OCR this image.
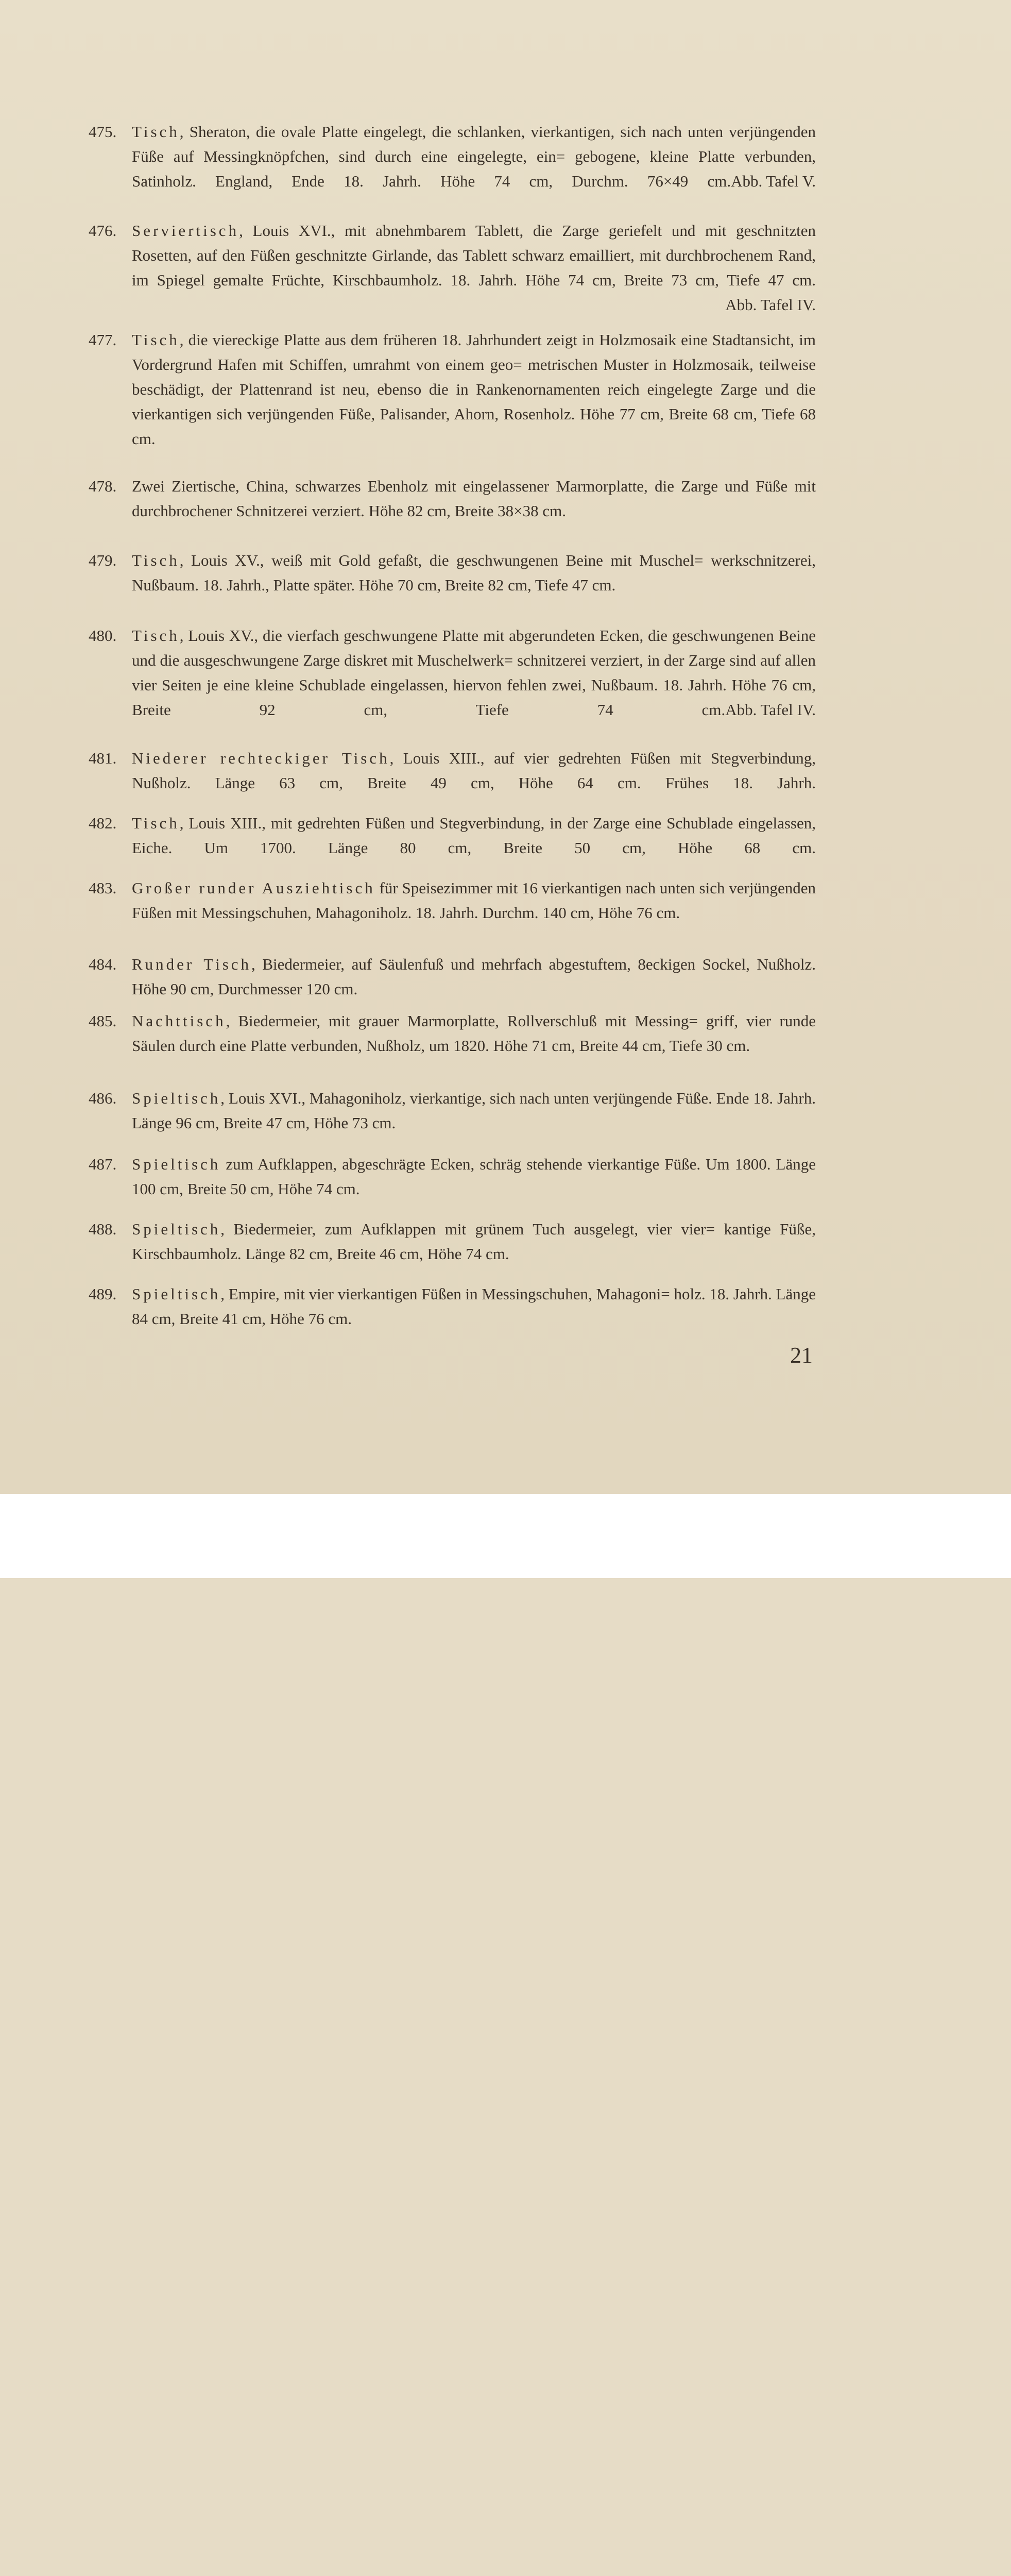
475. Tisch, Sheraton, die ovale Platte eingelegt, die schlanken, vierkantigen, sich nach unten verjüngenden Füße auf Messingknöpfchen, sind durch eine eingelegte, ein= gebogene, kleine Platte verbunden, Satinholz. England, Ende 18. Jahrh. Höhe 74 cm, Durchm. 76×49 cm. Abb. Tafel V.
476. Serviertisch, Louis XVI., mit abnehmbarem Tablett, die Zarge geriefelt und mit geschnitzten Rosetten, auf den Füßen geschnitzte Girlande, das Tablett schwarz emailliert, mit durchbrochenem Rand, im Spiegel gemalte Früchte, Kirschbaumholz. 18. Jahrh. Höhe 74 cm, Breite 73 cm, Tiefe 47 cm.
Abb. Tafel IV.
477. Tisch, die viereckige Platte aus dem früheren 18. Jahrhundert zeigt in Holzmosaik eine Stadtansicht, im Vordergrund Hafen mit Schiffen, umrahmt von einem geo= metrischen Muster in Holzmosaik, teilweise beschädigt, der Plattenrand ist neu, ebenso die in Rankenornamenten reich eingelegte Zarge und die vierkantigen sich verjüngenden Füße, Palisander, Ahorn, Rosenholz. Höhe 77 cm, Breite 68 cm, Tiefe 68 cm.
478. Zwei Ziertische, China, schwarzes Ebenholz mit eingelassener Marmorplatte, die Zarge und Füße mit durchbrochener Schnitzerei verziert. Höhe 82 cm, Breite 38×38 cm.
479. Tisch, Louis XV., weiß mit Gold gefaßt, die geschwungenen Beine mit Muschel= werkschnitzerei, Nußbaum. 18. Jahrh., Platte später. Höhe 70 cm, Breite 82 cm, Tiefe 47 cm.
480. Tisch, Louis XV., die vierfach geschwungene Platte mit abgerundeten Ecken, die geschwungenen Beine und die ausgeschwungene Zarge diskret mit Muschelwerk= schnitzerei verziert, in der Zarge sind auf allen vier Seiten je eine kleine Schublade eingelassen, hiervon fehlen zwei, Nußbaum. 18. Jahrh. Höhe 76 cm, Breite 92 cm, Tiefe 74 cm. Abb. Tafel IV.
481. Niederer rechteckiger Tisch, Louis XIII., auf vier gedrehten Füßen mit Stegverbindung, Nußholz. Länge 63 cm, Breite 49 cm, Höhe 64 cm. Frühes 18. Jahrh.
482. Tisch, Louis XIII., mit gedrehten Füßen und Stegverbindung, in der Zarge eine Schublade eingelassen, Eiche. Um 1700. Länge 80 cm, Breite 50 cm, Höhe 68 cm.
483. Großer runder Ausziehtisch für Speisezimmer mit 16 vierkantigen nach unten sich verjüngenden Füßen mit Messingschuhen, Mahagoniholz. 18. Jahrh. Durchm. 140 cm, Höhe 76 cm.
484. Runder Tisch, Biedermeier, auf Säulenfuß und mehrfach abgestuftem, 8eckigen Sockel, Nußholz. Höhe 90 cm, Durchmesser 120 cm.
485. Nachttisch, Biedermeier, mit grauer Marmorplatte, Rollverschluß mit Messing= griff, vier runde Säulen durch eine Platte verbunden, Nußholz, um 1820. Höhe 71 cm, Breite 44 cm, Tiefe 30 cm.
486. Spieltisch, Louis XVI., Mahagoniholz, vierkantige, sich nach unten verjüngende Füße. Ende 18. Jahrh. Länge 96 cm, Breite 47 cm, Höhe 73 cm.
487. Spieltisch zum Aufklappen, abgeschrägte Ecken, schräg stehende vierkantige Füße. Um 1800. Länge 100 cm, Breite 50 cm, Höhe 74 cm.
488. Spieltisch, Biedermeier, zum Aufklappen mit grünem Tuch ausgelegt, vier vier= kantige Füße, Kirschbaumholz. Länge 82 cm, Breite 46 cm, Höhe 74 cm.
489. Spieltisch, Empire, mit vier vierkantigen Füßen in Messingschuhen, Mahagoni= holz. 18. Jahrh. Länge 84 cm, Breite 41 cm, Höhe 76 cm.
21
